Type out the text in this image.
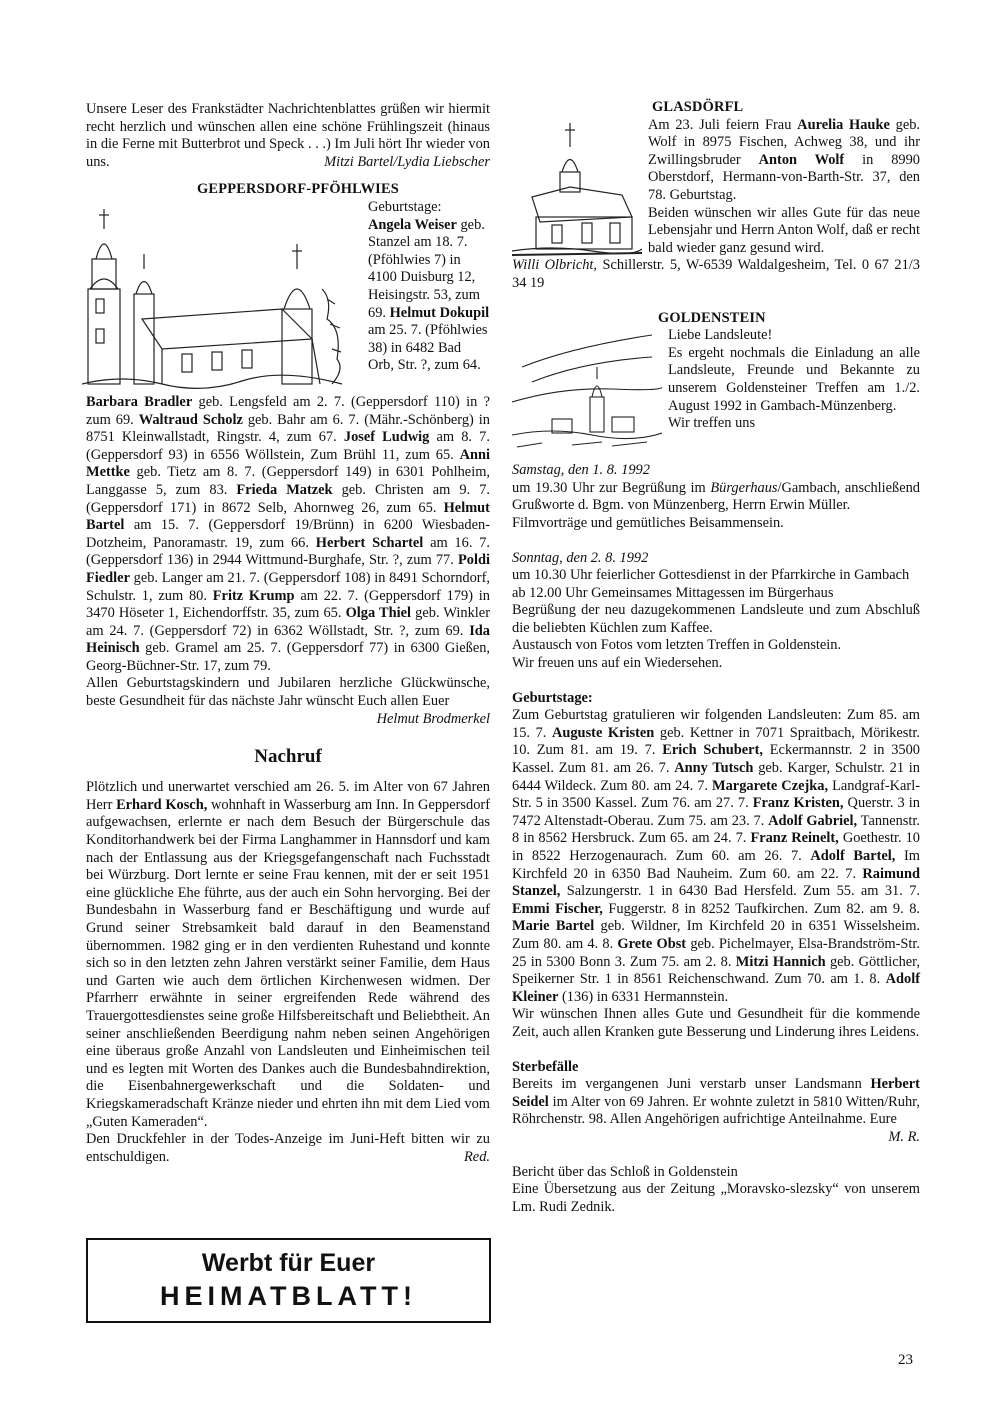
Unsere Leser des Frankstädter Nachrichtenblattes grüßen wir hiermit recht herzlich und wünschen allen eine schöne Frühlingszeit (hinaus in die Ferne mit Butterbrot und Speck . . .) Im Juli hört Ihr wieder von uns.	Mitzi Bartel/Lydia Liebscher

GEPPERSDORF-PFÖHLWIES

Geburtstage:
Angela Weiser geb. Stanzel am 18. 7. (Pföhlwies 7) in 4100 Duisburg 12, Heisingstr. 53, zum 69. Helmut Dokupil am 25. 7. (Pföhlwies 38) in 6482 Bad Orb, Str. ?, zum 64.

Barbara Bradler geb. Lengsfeld am 2. 7. (Geppersdorf 110) in ? zum 69. Waltraud Scholz geb. Bahr am 6. 7. (Mähr.-Schönberg) in 8751 Kleinwallstadt, Ringstr. 4, zum 67. Josef Ludwig am 8. 7. (Geppersdorf 93) in 6556 Wöllstein, Zum Brühl 11, zum 65. Anni Mettke geb. Tietz am 8. 7. (Geppersdorf 149) in 6301 Pohlheim, Langgasse 5, zum 83. Frieda Matzek geb. Christen am 9. 7. (Geppersdorf 171) in 8672 Selb, Ahornweg 26, zum 65. Helmut Bartel am 15. 7. (Geppersdorf 19/Brünn) in 6200 Wiesbaden-Dotzheim, Panoramastr. 19, zum 66. Herbert Schartel am 16. 7. (Geppersdorf 136) in 2944 Wittmund-Burghafe, Str. ?, zum 77. Poldi Fiedler geb. Langer am 21. 7. (Geppersdorf 108) in 8491 Schorndorf, Schulstr. 1, zum 80. Fritz Krump am 22. 7. (Geppersdorf 179) in 3470 Höseter 1, Eichendorffstr. 35, zum 65. Olga Thiel geb. Winkler am 24. 7. (Geppersdorf 72) in 6362 Wöllstadt, Str. ?, zum 69. Ida Heinisch geb. Gramel am 25. 7. (Geppersdorf 77) in 6300 Gießen, Georg-Büchner-Str. 17, zum 79.

Allen Geburtstagskindern und Jubilaren herzliche Glückwünsche, beste Gesundheit für das nächste Jahr wünscht Euch allen Euer
Helmut Brodmerkel

Nachruf

Plötzlich und unerwartet verschied am 26. 5. im Alter von 67 Jahren Herr Erhard Kosch, wohnhaft in Wasserburg am Inn. In Geppersdorf aufgewachsen, erlernte er nach dem Besuch der Bürgerschule das Konditorhandwerk bei der Firma Langhammer in Hannsdorf und kam nach der Entlassung aus der Kriegsgefangenschaft nach Fuchsstadt bei Würzburg. Dort lernte er seine Frau kennen, mit der er seit 1951 eine glückliche Ehe führte, aus der auch ein Sohn hervorging. Bei der Bundesbahn in Wasserburg fand er Beschäftigung und wurde auf Grund seiner Strebsamkeit bald darauf in den Beamenstand übernommen. 1982 ging er in den verdienten Ruhestand und konnte sich so in den letzten zehn Jahren verstärkt seiner Familie, dem Haus und Garten wie auch dem örtlichen Kirchenwesen widmen. Der Pfarrherr erwähnte in seiner ergreifenden Rede während des Trauergottesdienstes seine große Hilfsbereitschaft und Beliebtheit. An seiner anschließenden Beerdigung nahm neben seinen Angehörigen eine überaus große Anzahl von Landsleuten und Einheimischen teil und es legten mit Worten des Dankes auch die Bundesbahndirektion, die Eisenbahnergewerkschaft und die Soldaten- und Kriegskameradschaft Kränze nieder und ehrten ihn mit dem Lied vom „Guten Kameraden“.

Den Druckfehler in der Todes-Anzeige im Juni-Heft bitten wir zu entschuldigen.	Red.

Werbt für Euer
HEIMATBLATT!
GLASDÖRFL

Am 23. Juli feiern Frau Aurelia Hauke geb. Wolf in 8975 Fischen, Achweg 38, und ihr Zwillingsbruder Anton Wolf in 8990 Oberstdorf, Hermann-von-Barth-Str. 37, den 78. Geburtstag.

Beiden wünschen wir alles Gute für das neue Lebensjahr und Herrn Anton Wolf, daß er recht bald wieder ganz gesund wird.

Willi Olbricht, Schillerstr. 5, W-6539 Waldalgesheim, Tel. 0 67 21/3 34 19

GOLDENSTEIN

Liebe Landsleute!

Es ergeht nochmals die Einladung an alle Landsleute, Freunde und Bekannte zu unserem Goldensteiner Treffen am 1./2. August 1992 in Gambach-Münzenberg.

Wir treffen uns

Samstag, den 1. 8. 1992

um 19.30 Uhr zur Begrüßung im Bürgerhaus/Gambach, anschließend Grußworte d. Bgm. von Münzenberg, Herrn Erwin Müller.

Filmvorträge und gemütliches Beisammensein.

Sonntag, den 2. 8. 1992

um 10.30 Uhr feierlicher Gottesdienst in der Pfarrkirche in Gambach

ab 12.00 Uhr Gemeinsames Mittagessen im Bürgerhaus

Begrüßung der neu dazugekommenen Landsleute und zum Abschluß die beliebten Küchlen zum Kaffee.

Austausch von Fotos vom letzten Treffen in Goldenstein.

Wir freuen uns auf ein Wiedersehen.

Geburtstage:

Zum Geburtstag gratulieren wir folgenden Landsleuten: Zum 85. am 15. 7. Auguste Kristen geb. Kettner in 7071 Spraitbach, Mörikestr. 10. Zum 81. am 19. 7. Erich Schubert, Eckermannstr. 2 in 3500 Kassel. Zum 81. am 26. 7. Anny Tutsch geb. Karger, Schulstr. 21 in 6444 Wildeck. Zum 80. am 24. 7. Margarete Czejka, Landgraf-Karl-Str. 5 in 3500 Kassel. Zum 76. am 27. 7. Franz Kristen, Querstr. 3 in 7472 Altenstadt-Oberau. Zum 75. am 23. 7. Adolf Gabriel, Tannenstr. 8 in 8562 Hersbruck. Zum 65. am 24. 7. Franz Reinelt, Goethestr. 10 in 8522 Herzogenaurach. Zum 60. am 26. 7. Adolf Bartel, Im Kirchfeld 20 in 6350 Bad Nauheim. Zum 60. am 22. 7. Raimund Stanzel, Salzungerstr. 1 in 6430 Bad Hersfeld. Zum 55. am 31. 7. Emmi Fischer, Fuggerstr. 8 in 8252 Taufkirchen. Zum 82. am 9. 8. Marie Bartel geb. Wildner, Im Kirchfeld 20 in 6351 Wisselsheim. Zum 80. am 4. 8. Grete Obst geb. Pichelmayer, Elsa-Brandström-Str. 25 in 5300 Bonn 3. Zum 75. am 2. 8. Mitzi Hannich geb. Göttlicher, Speikerner Str. 1 in 8561 Reichenschwand. Zum 70. am 1. 8. Adolf Kleiner (136) in 6331 Hermannstein.

Wir wünschen Ihnen alles Gute und Gesundheit für die kommende Zeit, auch allen Kranken gute Besserung und Linderung ihres Leidens.

Sterbefälle

Bereits im vergangenen Juni verstarb unser Landsmann Herbert Seidel im Alter von 69 Jahren. Er wohnte zuletzt in 5810 Witten/Ruhr, Röhrchenstr. 98. Allen Angehörigen aufrichtige Anteilnahme. Eure
M. R.

Bericht über das Schloß in Goldenstein

Eine Übersetzung aus der Zeitung „Moravsko-slezsky“ von unserem Lm. Rudi Zednik.

23
